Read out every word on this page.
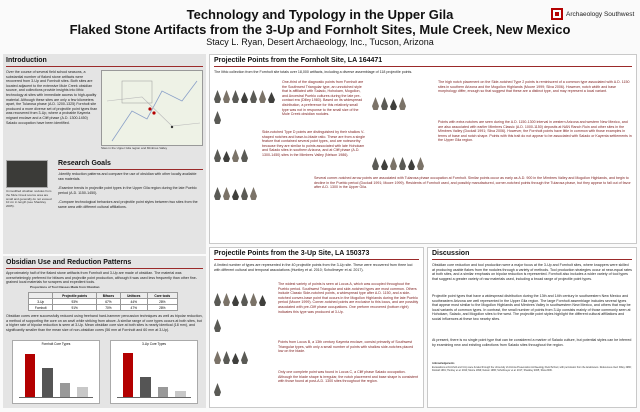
Technology and Typology in the Upper Gila
Flaked Stone Artifacts from the 3-Up and Fornholt Sites, Mule Creek, New Mexico
Stacy L. Ryan, Desert Archaeology, Inc., Tucson, Arizona
Archaeology Southwest
Introduction
Over the course of several field school seasons, a substantial number of flaked stone artifacts were recovered from 3-Up and Fornholt sites. Both sites are located adjacent to the extensive Mule Creek obsidian source, and collections provide insights into lithic technology at sites with immediate access to high-quality material. Although these sites are only a few kilometers apart, the Tularosa phase (A.D. 1200-1325) Fornholt site produced a more diverse set of projectile point types than was recovered from 3-Up, where a probable Kayenta migrant enclave and a Cliff phase (A.D. 1300-1450) Salado occupation have been identified.
Sites in the Upper Gila region and Mimbres Valley
Unmodified obsidian nodules from the Mule Creek source area are small and generally do not exceed 10 cm in length (see Shackley 2005).
Research Goals
-Identify reduction patterns and compare the use of obsidian with other locally available raw materials.
-Examine trends in projectile point types in the Upper Gila region during the late Pueblo period (A.D. 1150-1450).
-Compare technological behaviors and projectile point styles between two sites from the same area with different cultural affiliations.
Obsidian Use and Reduction Patterns
Approximately half of the flaked stone artifacts from Fornholt and 3-Up are made of obsidian. The material was overwhelmingly preferred for bifaces and projectile point production, although it was used less frequently than other fine-grained local materials for scrapers and expedient tools.
Proportions of Tool Classes Made from Obsidian
	Projectile points	Bifaces	Unifaces	Core tools
3-Up	93%	67%	44%	28%
Fornholt	91%	70%	47%	28%
Obsidian cores were successfully reduced using freehand hard-hammer percussion techniques as well as bipolar reduction, a method of supporting the core on an anvil while striking from above. A similar range of core types occurs at both sites, but a higher rate of bipolar reduction is seen at 3-Up. Mean obsidian core size at both sites is nearly identical (18 mm), and significantly smaller than the mean size of non-obsidian cores (56 mm at Fornholt and 60 mm at 3-Up).
Fornholt Core Types	3-Up Core Types
Projectile Points from the Fornholt Site, LA 164471
The lithic collection from the Fornholt site totals over 18,000 artifacts, including a diverse assemblage of 118 projectile points.
One-third of the diagnostic points from Fornholt are the Southwest Triangular type, an unnotched style that is affiliated with Salado, Hohokam, Mogollon, and Ancestral Pueblo cultures during the late pre-contact era (Dilley 1980). Based on its widespread distribution, a preference for this relatively small type was not in response to the small size of the Mule Creek obsidian nodules.
Side-notched Type D points are distinguished by their shallow V-shaped notches and base-to-blade ratio. These are from a single feature that contained several point types, and are noteworthy because they are similar to points associated with late Hohokam and Salado sites in southern Arizona, and at Cliff phase (A.D. 1300-1450) sites in the Mimbres Valley (Nelson 1986).
The high notch placement on the Side-notched Type 2 points is reminiscent of a common type associated with A.D. 1150 sites in southern Arizona and the Mogollon Highlands (Moore 1999; Sliva 2006). However, notch width and base morphology differ, enough so that suggest that these are a distinct type, and may represent a local variant.
Points with extra notches are seen during the A.D. 1150-1300 interval in western Arizona and western New Mexico, and are also associated with earlier Mimbres Classic (A.D. 1000-1150) deposits at NAN Ranch Ruin and other sites in the Mimbres Valley (Dockall 1991; Sliva 2006). However, the Fornholt points have little in common with those examples in terms of base and notch shape. Points with this trait do not appear to be associated with Salado or Kayenta settlements in the Upper Gila region.
Several corner-notched arrow points are associated with Tularosa phase occupation at Fornholt. Similar points occur as early as A.D. 900 in the Mimbres Valley and Mogollon Highlands, and begin to decline in the Pueblo period (Dockall 1991; Moore 1999). Residents of Fornholt used, and possibly manufactured, corner-notched points through the Tularosa phase, but they appear to fall out of favor after A.D. 1300 in the Upper Gila.
Projectile Points from the 3-Up Site, LA 150373
A limited number of types are represented in the 40 projectile points from the 3-Up site. These were recovered from three loci with different cultural and temporal associations (Huntley et al. 2010; Schollmeyer et al. 2017).
The widest variety of points is seen at Locus A, which was occupied throughout the Pueblo period. Southwest Triangular and side-notched types are most common. Others include Classic Side-notched points, a widespread type after A.D. 1150, and a side-notched convex-base point that occurs in the Mogollon Highlands during the late Pueblo period (Moore 1999). Corner-notched points are exclusive to this locus, and are possibly associated with pre-Cliff phase occupations. One preform recovered (bottom right) indicates this type was produced at 3-Up.
Points from Locus B, a 13th century Kayenta enclave, consist primarily of Southwest Triangular types, with only a small number of points with shallow side-notches placed low on the blade.
Only one complete point was found in Locus C, a Cliff phase Salado occupation. Although the blade shape is irregular, the notch placement and base shape is consistent with those found at post-A.D. 1300 sites throughout the region.
Discussion
Obsidian core reduction and tool production were a major focus at the 3-Up and Fornholt sites, where knappers were skilled at producing usable flakes from the nodules through a variety of methods. Tool production strategies occur at near-equal rates at both sites, and a similar emphasis on bipolar reduction is represented. Fornholt also includes a wider variety of tool types that suggest a greater variety of raw materials used, including a broad range of projectile point types.
Projectile point types that have a widespread distribution during the 13th and 14th century in southwestern New Mexico and southeastern Arizona are well represented in the Upper Gila region. The large Fornholt assemblage includes several types that appear most similar to the Mogollon Highlands and Mimbres Valley in southwestern New Mexico, and others that may be local variants of common types. In contrast, the small number of points from 3-Up consists mainly of those commonly seen at Hohokam, Salado, and Mogollon sites to the west. The projectile point styles highlight the different cultural affiliations and social influences at these two nearby sites.
At present, there is no single point type that can be considered a marker of Salado culture, but potential styles can be inferred by examining new and existing collections from Salado sites throughout the region.
Acknowledgements
Excavations at Fornholt and 3-Up were funded through the University of Arizona Preservation Archaeology Field School, with permission from the landowners. References cited: Dilley 1980; Dockall 1991; Huntley et al. 2010; Moore 1999; Nelson 1986; Schollmeyer et al. 2017; Shackley 2005; Sliva 2006.
